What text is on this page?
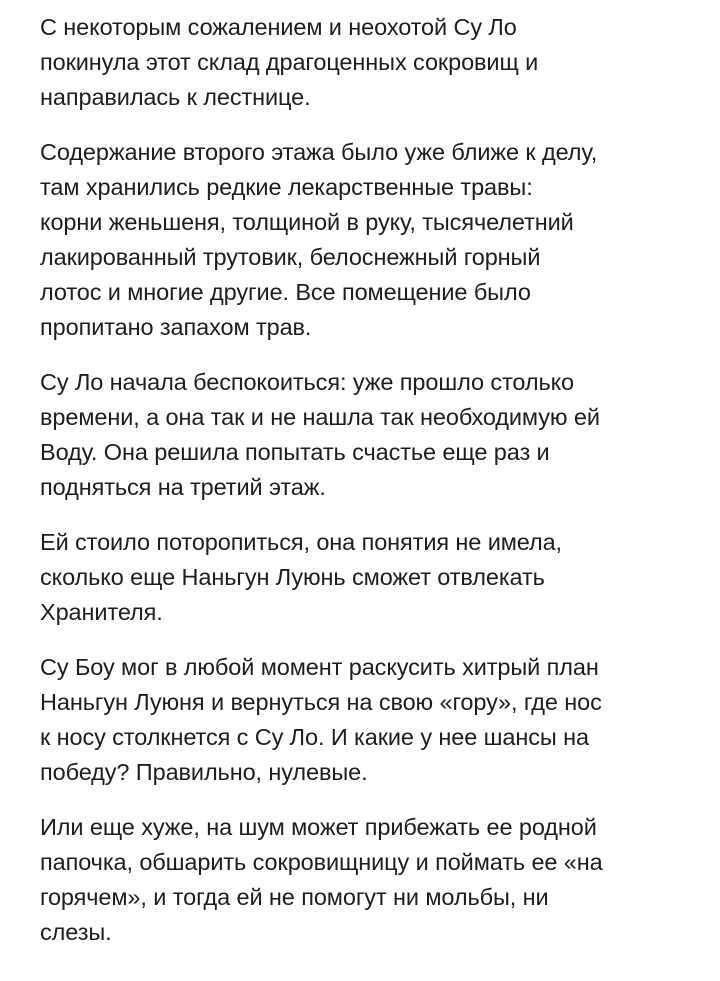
С некоторым сожалением и неохотой Су Ло
покинула этот склад драгоценных сокровищ и
направилась к лестнице.

Содержание второго этажа было уже ближе к делу,
там хранились редкие лекарственные травы:
корни женьшеня, толщиной в руку, тысячелетний
лакированный трутовик, белоснежный горный
лотос и многие другие. Все помещение было
пропитано запахом трав.

Су Ло начала беспокоиться: уже прошло столько
времени, а она так и не нашла так необходимую ей
Воду. Она решила попытать счастье еще раз и
подняться на третий этаж.

Ей стоило поторопиться, она понятия не имела,
сколько еще Наньгун Луюнь сможет отвлекать
Хранителя.

Су Боу мог в любой момент раскусить хитрый план
Наньгун Луюня и вернуться на свою «гору», где нос
к носу столкнется с Су Ло. И какие у нее шансы на
победу? Правильно, нулевые.

Или еще хуже, на шум может прибежать ее родной
папочка, обшарить сокровищницу и поймать ее «на
горячем», и тогда ей не помогут ни мольбы, ни
слезы.
